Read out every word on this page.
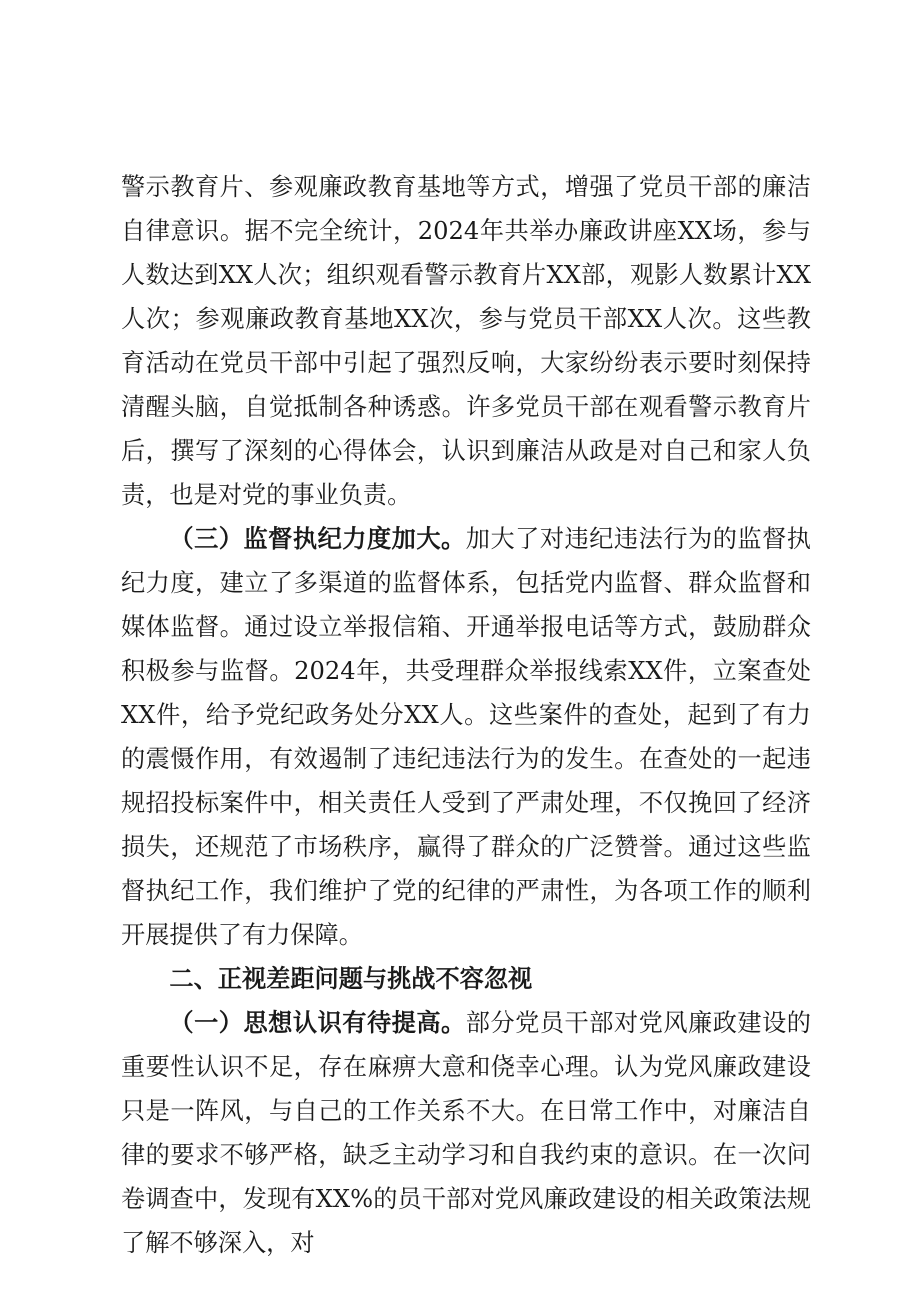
警示教育片、参观廉政教育基地等方式，增强了党员干部的廉洁自律意识。据不完全统计，2024年共举办廉政讲座XX场，参与人数达到XX人次；组织观看警示教育片XX部，观影人数累计XX人次；参观廉政教育基地XX次，参与党员干部XX人次。这些教育活动在党员干部中引起了强烈反响，大家纷纷表示要时刻保持清醒头脑，自觉抵制各种诱惑。许多党员干部在观看警示教育片后，撰写了深刻的心得体会，认识到廉洁从政是对自己和家人负责，也是对党的事业负责。

（三）监督执纪力度加大。加大了对违纪违法行为的监督执纪力度，建立了多渠道的监督体系，包括党内监督、群众监督和媒体监督。通过设立举报信箱、开通举报电话等方式，鼓励群众积极参与监督。2024年，共受理群众举报线索XX件，立案查处XX件，给予党纪政务处分XX人。这些案件的查处，起到了有力的震慑作用，有效遏制了违纪违法行为的发生。在查处的一起违规招投标案件中，相关责任人受到了严肃处理，不仅挽回了经济损失，还规范了市场秩序，赢得了群众的广泛赞誉。通过这些监督执纪工作，我们维护了党的纪律的严肃性，为各项工作的顺利开展提供了有力保障。

二、正视差距问题与挑战不容忽视

（一）思想认识有待提高。部分党员干部对党风廉政建设的重要性认识不足，存在麻痹大意和侥幸心理。认为党风廉政建设只是一阵风，与自己的工作关系不大。在日常工作中，对廉洁自律的要求不够严格，缺乏主动学习和自我约束的意识。在一次问卷调查中，发现有XX%的员干部对党风廉政建设的相关政策法规了解不够深入，对
